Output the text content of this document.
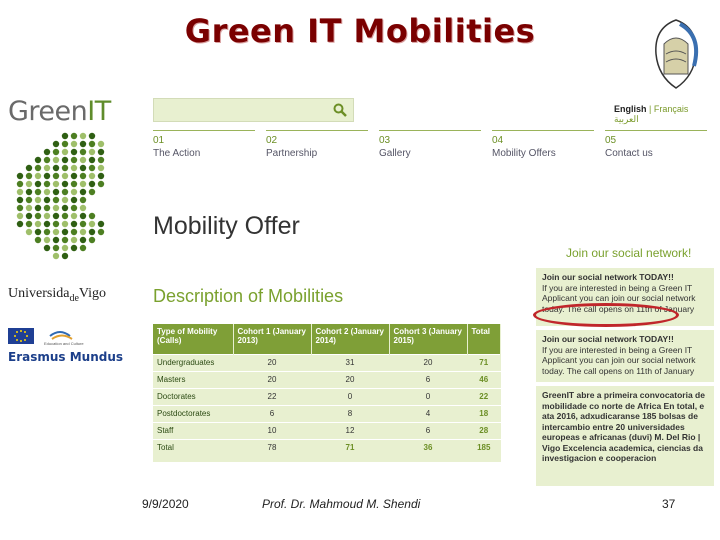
Green IT Mobilities
GreenIT
Universida$_{de}$Vigo
Education and Culture
Erasmus Mundus
English | Français العربية
01
The Action
02
Partnership
03
Gallery
04
Mobility Offers
05
Contact us
Mobility Offer
Description of Mobilities
Type of Mobility (Calls)	Cohort 1 (January 2013)	Cohort 2 (January 2014)	Cohort 3 (January 2015)	Total
Undergraduates	20	31	20	71
Masters	20	20	6	46
Doctorates	22	0	0	22
Postdoctorates	6	8	4	18
Staff	10	12	6	28
Total	78	71	36	185
Join our social network!
Join our social network TODAY!!
If you are interested in being a Green IT Applicant you can join our social network today. The call opens on 11th of January
Join our social network TODAY!!
If you are interested in being a Green IT Applicant you can join our social network today. The call opens on 11th of January
GreenIT abre a primeira convocatoria de mobilidade co norte de Africa En total, e ata 2016, adxudicaranse 185 bolsas de intercambio entre 20 universidades europeas e africanas (duvi) M. Del Rio | Vigo Excelencia academica, ciencias da investigacion e cooperacion
9/9/2020	Prof. Dr. Mahmoud M. Shendi	37
